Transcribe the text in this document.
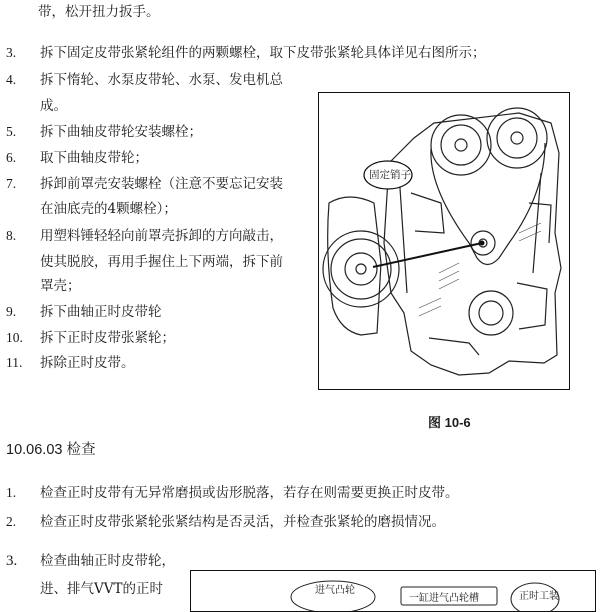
带，松开扭力扳手。
3. 拆下固定皮带张紧轮组件的两颗螺栓，取下皮带张紧轮具体详见右图所示；
4. 拆下惰轮、水泵皮带轮、水泵、发电机总
成。
5. 拆下曲轴皮带轮安装螺栓；
6. 取下曲轴皮带轮；
7. 拆卸前罩壳安装螺栓（注意不要忘记安装
在油底壳的4颗螺栓）；
8. 用塑料锤轻轻向前罩壳拆卸的方向敲击，
使其脱胶，再用手握住上下两端，拆下前
罩壳；
9. 拆下曲轴正时皮带轮
10. 拆下正时皮带张紧轮；
11. 拆除正时皮带。
固定销子
图 10-6
10.06.03 检查
1. 检查正时皮带有无异常磨损或齿形脱落，若存在则需要更换正时皮带。
2. 检查正时皮带张紧轮张紧结构是否灵活，并检查张紧轮的磨损情况。
3. 检查曲轴正时皮带轮，
进、排气VVT的正时	进气凸轮
一缸进气凸轮槽	正时工装
